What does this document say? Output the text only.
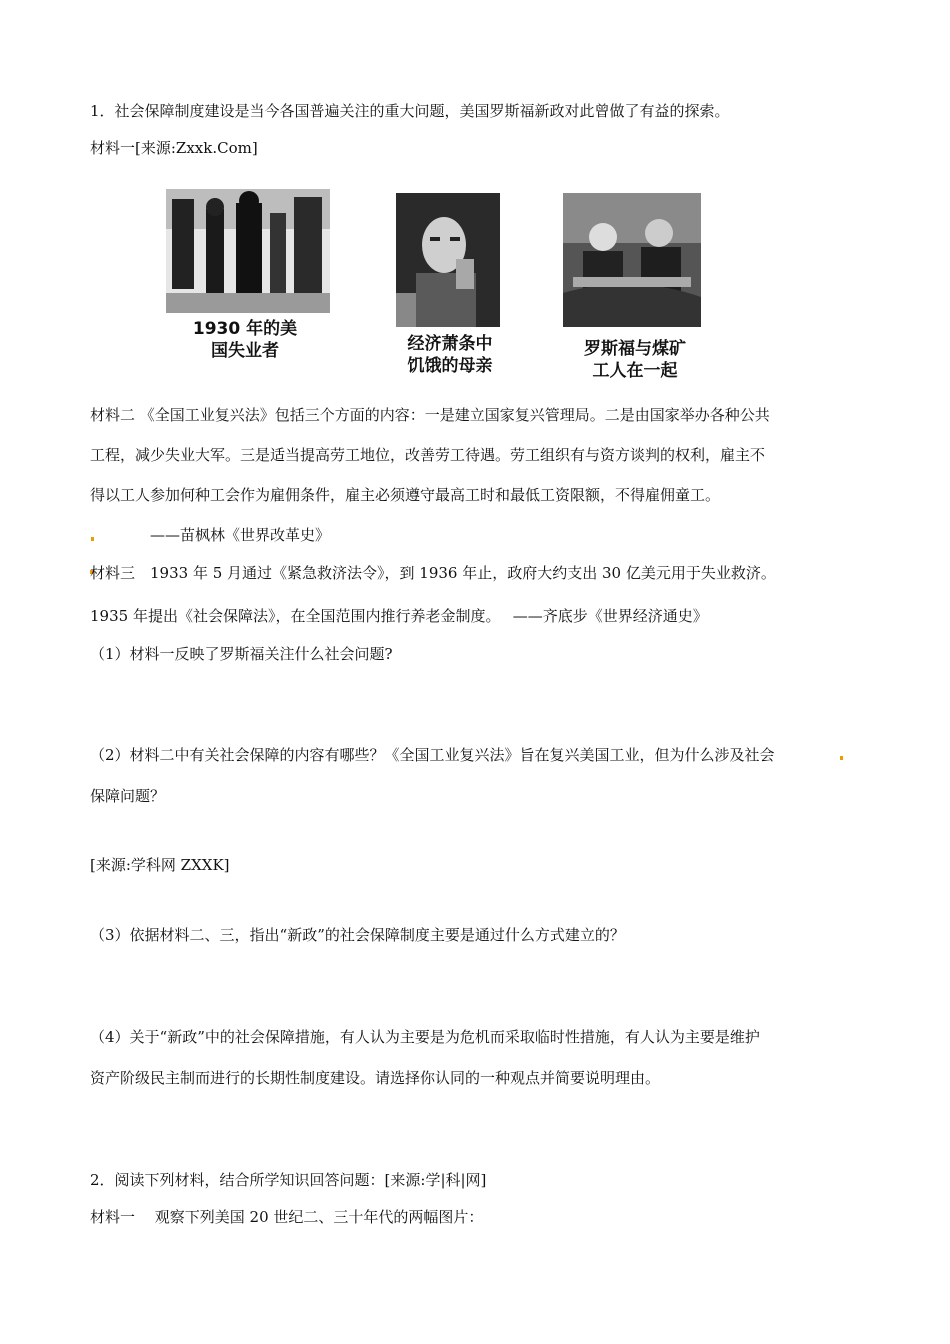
1．社会保障制度建设是当今各国普遍关注的重大问题，美国罗斯福新政对此曾做了有益的探索。
材料一[来源:Zxxk.Com]
1930 年的美
国失业者	经济萧条中
饥饿的母亲
罗斯福与煤矿
工人在一起
材料二 《全国工业复兴法》包括三个方面的内容：一是建立国家复兴管理局。二是由国家举办各种公共
工程，减少失业大军。三是适当提高劳工地位，改善劳工待遇。劳工组织有与资方谈判的权利，雇主不
得以工人参加何种工会作为雇佣条件，雇主必须遵守最高工时和最低工资限额，不得雇佣童工。
——苗枫林《世界改革史》
材料三　1933 年 5 月通过《紧急救济法令》，到 1936 年止，政府大约支出 30 亿美元用于失业救济。
1935 年提出《社会保障法》，在全国范围内推行养老金制度。　 ——齐底步《世界经济通史》
（1）材料一反映了罗斯福关注什么社会问题?
（2）材料二中有关社会保障的内容有哪些？《全国工业复兴法》旨在复兴美国工业，但为什么涉及社会
保障问题？
[来源:学科网 ZXXK]
（3）依据材料二、三，指出“新政”的社会保障制度主要是通过什么方式建立的？
（4）关于“新政”中的社会保障措施，有人认为主要是为危机而采取临时性措施，有人认为主要是维护
资产阶级民主制而进行的长期性制度建设。请选择你认同的一种观点并简要说明理由。
2．阅读下列材料，结合所学知识回答问题：[来源:学|科|网]
材料一　 观察下列美国 20 世纪二、三十年代的两幅图片：
